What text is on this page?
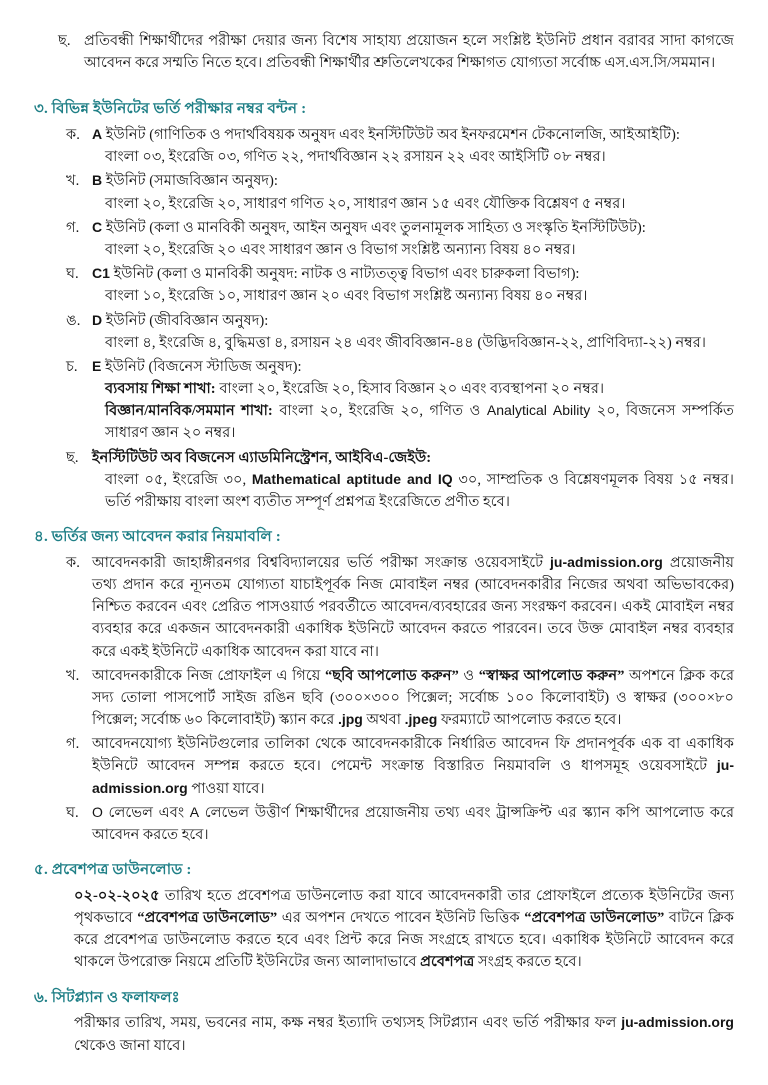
ছ. প্রতিবন্ধী শিক্ষার্থীদের পরীক্ষা দেয়ার জন্য বিশেষ সাহায্য প্রয়োজন হলে সংশ্লিষ্ট ইউনিট প্রধান বরাবর সাদা কাগজে আবেদন করে সম্মতি নিতে হবে। প্রতিবন্ধী শিক্ষার্থীর শ্রুতিলেখকের শিক্ষাগত যোগ্যতা সর্বোচ্চ এস.এস.সি/সমমান।
৩. বিভিন্ন ইউনিটের ভর্তি পরীক্ষার নম্বর বন্টন :
ক. A ইউনিট (গাণিতিক ও পদার্থবিষয়ক অনুষদ এবং ইনস্টিটিউট অব ইনফরমেশন টেকনোলজি, আইআইটি):
বাংলা ০৩, ইংরেজি ০৩, গণিত ২২, পদার্থবিজ্ঞান ২২ রসায়ন ২২ এবং আইসিটি ০৮ নম্বর।
খ. B ইউনিট (সমাজবিজ্ঞান অনুষদ):
বাংলা ২০, ইংরেজি ২০, সাধারণ গণিত ২০, সাধারণ জ্ঞান ১৫ এবং যৌক্তিক বিশ্লেষণ ৫ নম্বর।
গ. C ইউনিট (কলা ও মানবিকী অনুষদ, আইন অনুষদ এবং তুলনামূলক সাহিত্য ও সংস্কৃতি ইনস্টিটিউট):
বাংলা ২০, ইংরেজি ২০ এবং সাধারণ জ্ঞান ও বিভাগ সংশ্লিষ্ট অন্যান্য বিষয় ৪০ নম্বর।
ঘ. C1 ইউনিট (কলা ও মানবিকী অনুষদ: নাটক ও নাট্যতত্ত্ব বিভাগ এবং চারুকলা বিভাগ):
বাংলা ১০, ইংরেজি ১০, সাধারণ জ্ঞান ২০ এবং বিভাগ সংশ্লিষ্ট অন্যান্য বিষয় ৪০ নম্বর।
ঙ. D ইউনিট (জীববিজ্ঞান অনুষদ):
বাংলা ৪, ইংরেজি ৪, বুদ্ধিমত্তা ৪, রসায়ন ২৪ এবং জীববিজ্ঞান-৪৪ (উদ্ভিদবিজ্ঞান-২২, প্রাণিবিদ্যা-২২) নম্বর।
চ.	E ইউনিট (বিজনেস স্টাডিজ অনুষদ):
ব্যবসায় শিক্ষা শাখা: বাংলা ২০, ইংরেজি ২০, হিসাব বিজ্ঞান ২০ এবং ব্যবস্থাপনা ২০ নম্বর।
বিজ্ঞান/মানবিক/সমমান শাখা: বাংলা ২০, ইংরেজি ২০, গণিত ও Analytical Ability ২০, বিজনেস সম্পর্কিত সাধারণ জ্ঞান ২০ নম্বর।
ছ. ইনস্টিটিউট অব বিজনেস এ্যাডমিনিস্ট্রেশন, আইবিএ-জেইউ:
বাংলা ০৫, ইংরেজি ৩০, Mathematical aptitude and IQ ৩০, সাম্প্রতিক ও বিশ্লেষণমূলক বিষয় ১৫ নম্বর। ভর্তি পরীক্ষায় বাংলা অংশ ব্যতীত সম্পূর্ণ প্রশ্নপত্র ইংরেজিতে প্রণীত হবে।
৪. ভর্তির জন্য আবেদন করার নিয়মাবলি :
ক. আবেদনকারী জাহাঙ্গীরনগর বিশ্ববিদ্যালয়ের ভর্তি পরীক্ষা সংক্রান্ত ওয়েবসাইটে ju-admission.org প্রয়োজনীয় তথ্য প্রদান করে ন্যূনতম যোগ্যতা যাচাইপূর্বক নিজ মোবাইল নম্বর (আবেদনকারীর নিজের অথবা অভিভাবকের) নিশ্চিত করবেন এবং প্রেরিত পাসওয়ার্ড পরবর্তীতে আবেদন/ব্যবহারের জন্য সংরক্ষণ করবেন। একই মোবাইল নম্বর ব্যবহার করে একজন আবেদনকারী একাধিক ইউনিটে আবেদন করতে পারবেন। তবে উক্ত মোবাইল নম্বর ব্যবহার করে একই ইউনিটে একাধিক আবেদন করা যাবে না।
খ. আবেদনকারীকে নিজ প্রোফাইল এ গিয়ে “ছবি আপলোড করুন” ও “স্বাক্ষর আপলোড করুন” অপশনে ক্লিক করে সদ্য তোলা পাসপোর্ট সাইজ রঙিন ছবি (৩০০×৩০০ পিক্সেল; সর্বোচ্চ ১০০ কিলোবাইট) ও স্বাক্ষর (৩০০×৮০ পিক্সেল; সর্বোচ্চ ৬০ কিলোবাইট) স্ক্যান করে .jpg অথবা .jpeg ফরম্যাটে আপলোড করতে হবে।
গ. আবেদনযোগ্য ইউনিটগুলোর তালিকা থেকে আবেদনকারীকে নির্ধারিত আবেদন ফি প্রদানপূর্বক এক বা একাধিক ইউনিটে আবেদন সম্পন্ন করতে হবে। পেমেন্ট সংক্রান্ত বিস্তারিত নিয়মাবলি ও ধাপসমূহ ওয়েবসাইটে ju-admission.org পাওয়া যাবে।
ঘ. O লেভেল এবং A লেভেল উত্তীর্ণ শিক্ষার্থীদের প্রয়োজনীয় তথ্য এবং ট্রান্সক্রিপ্ট এর স্ক্যান কপি আপলোড করে আবেদন করতে হবে।
৫. প্রবেশপত্র ডাউনলোড :
০২-০২-২০২৫ তারিখ হতে প্রবেশপত্র ডাউনলোড করা যাবে আবেদনকারী তার প্রোফাইলে প্রত্যেক ইউনিটের জন্য পৃথকভাবে “প্রবেশপত্র ডাউনলোড” এর অপশন দেখতে পাবেন ইউনিট ভিত্তিক “প্রবেশপত্র ডাউনলোড” বাটনে ক্লিক করে প্রবেশপত্র ডাউনলোড করতে হবে এবং প্রিন্ট করে নিজ সংগ্রহে রাখতে হবে। একাধিক ইউনিটে আবেদন করে থাকলে উপরোক্ত নিয়মে প্রতিটি ইউনিটের জন্য আলাদাভাবে প্রবেশপত্র সংগ্রহ করতে হবে।
৬. সিটপ্ল্যান ও ফলাফলঃ
পরীক্ষার তারিখ, সময়, ভবনের নাম, কক্ষ নম্বর ইত্যাদি তথ্যসহ সিটপ্ল্যান এবং ভর্তি পরীক্ষার ফল ju-admission.org থেকেও জানা যাবে।
